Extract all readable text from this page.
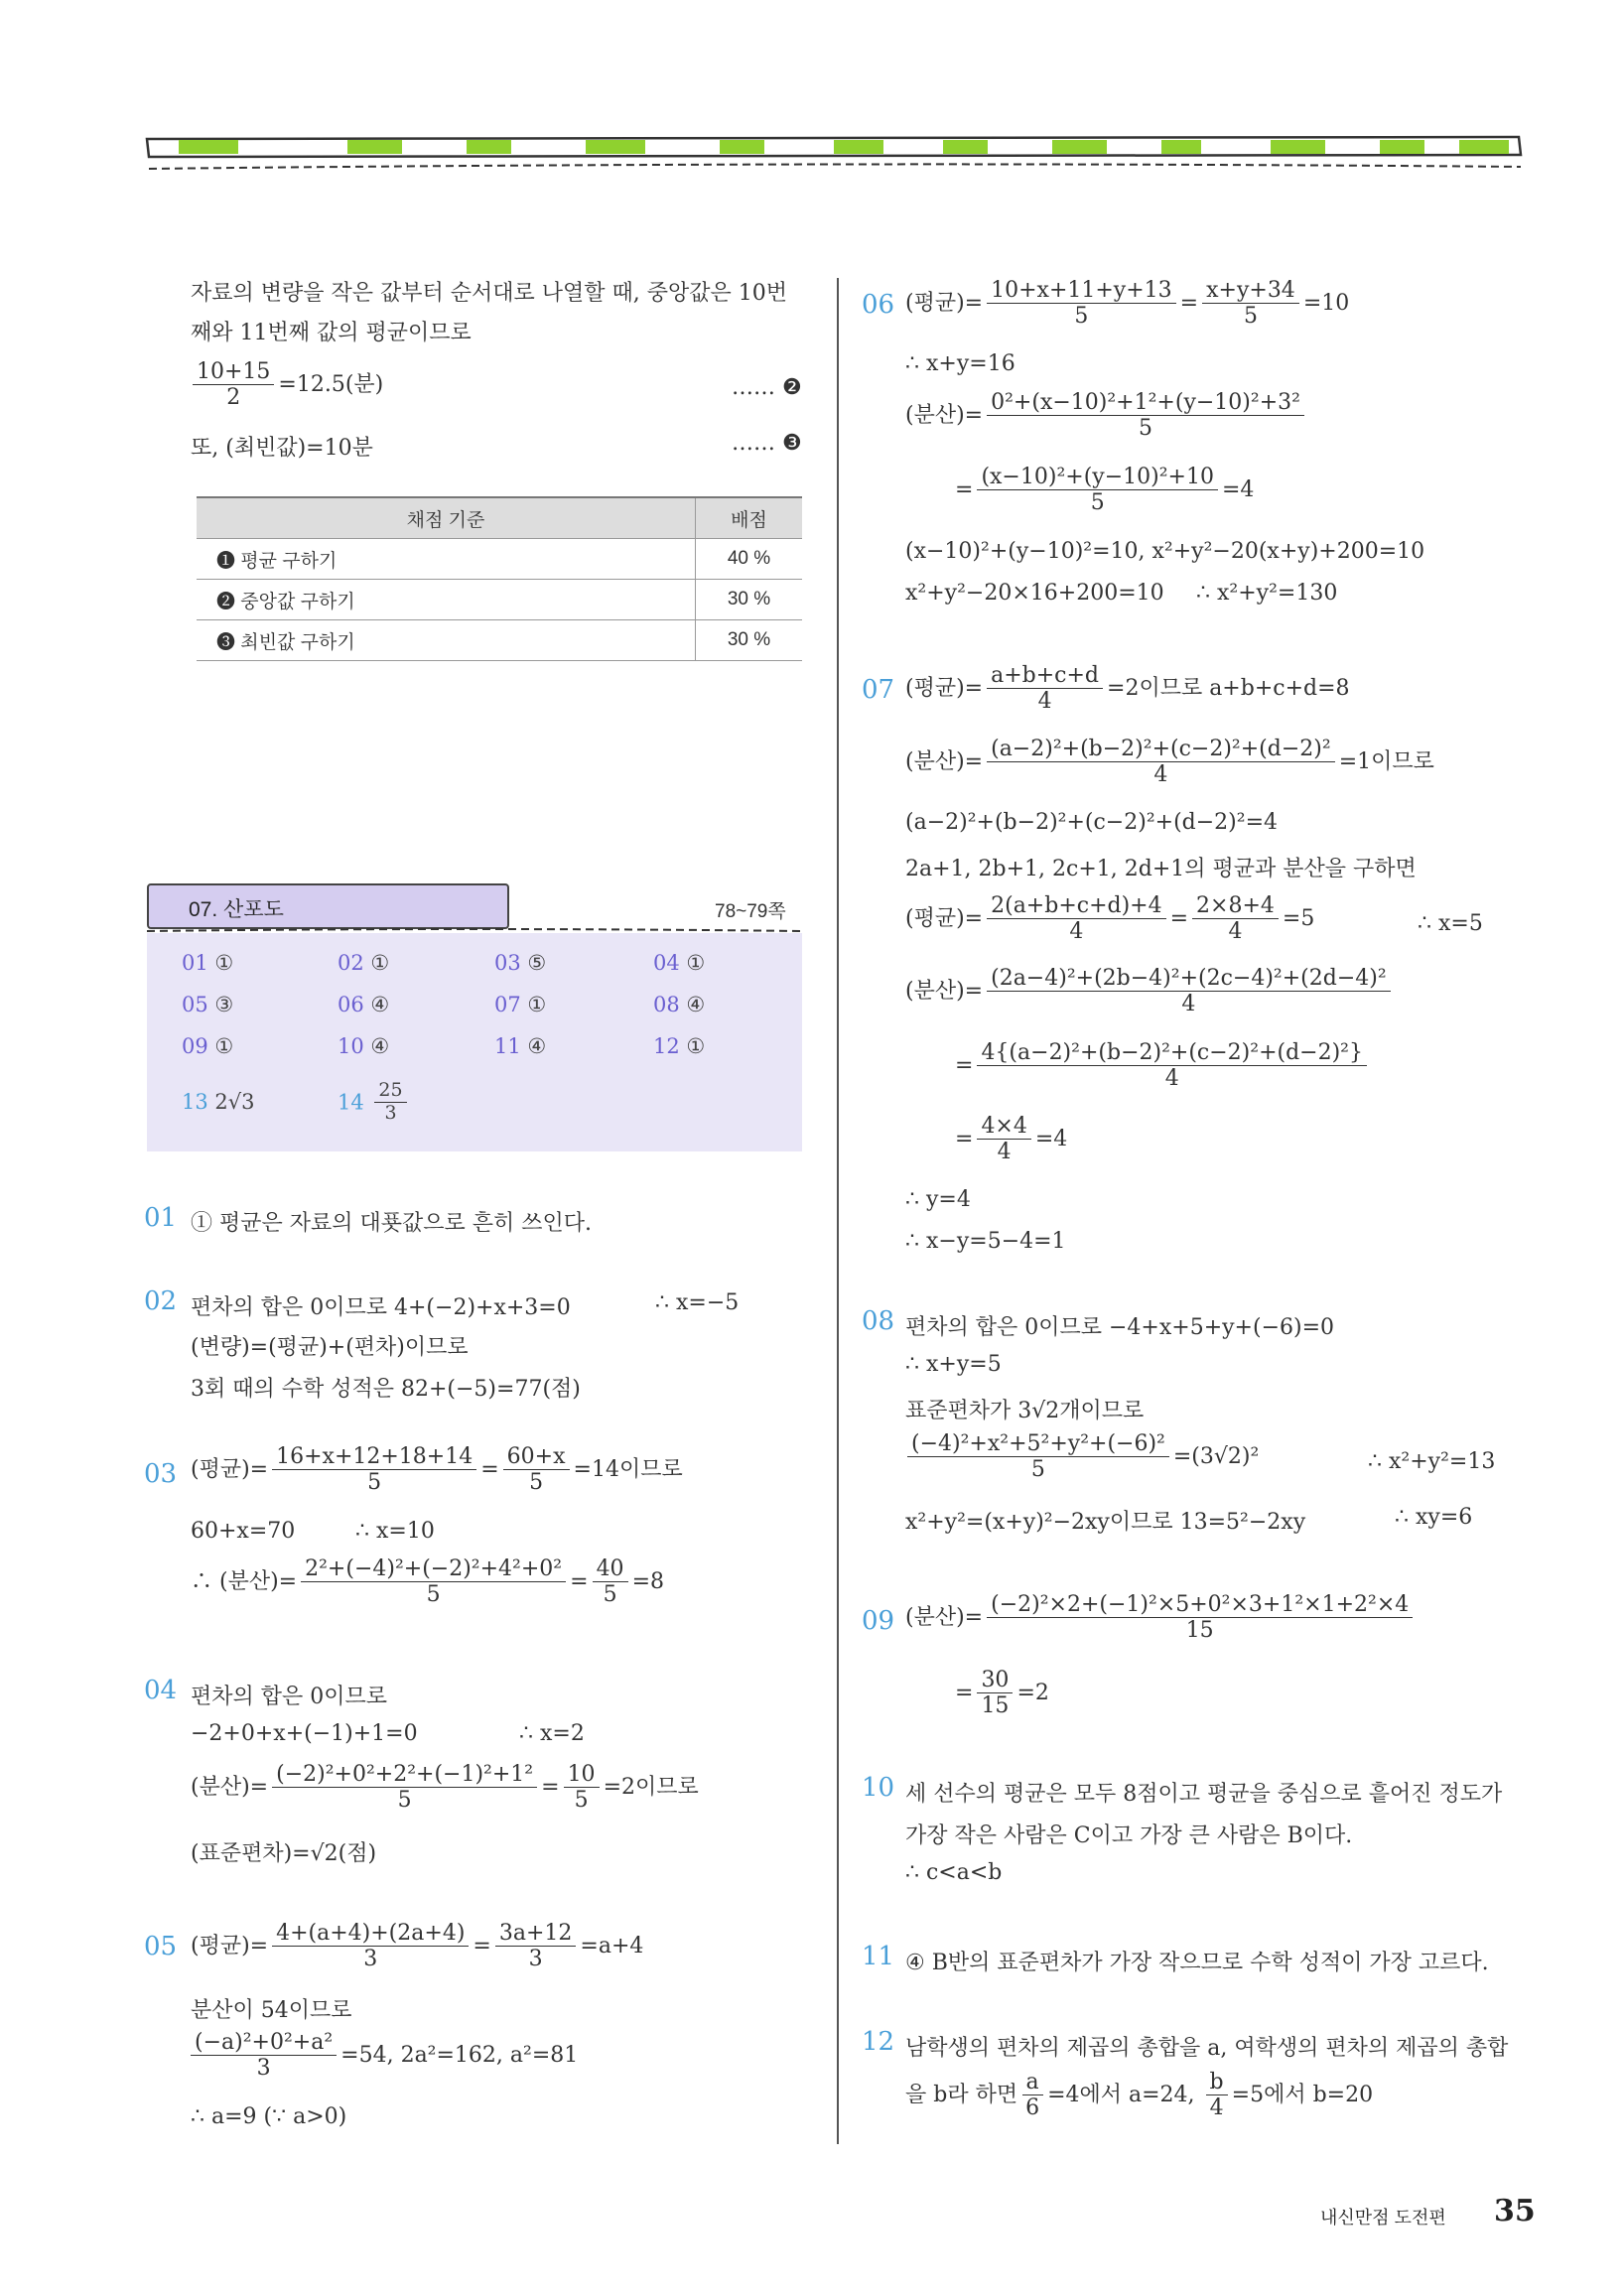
자료의 변량을 작은 값부터 순서대로 나열할 때, 중앙값은 10번
째와 11번째 값의 평균이므로
$\frac{10+15}{2} =12.5$(분)	…… ❷
또, (최빈값)=10분	…… ❸
채점 기준	배점
❶ 평균 구하기	40 %
❷ 중앙값 구하기	30 %
❸ 최빈값 구하기	30 %
07. 산포도	78~79쪽
01 ①	02 ①	03 ⑤	04 ①
05 ③	06 ④	07 ①	08 ④
09 ①	10 ④	11 ④	12 ①
13 2√3	$14 \frac{25}{3}$
01 ① 평균은 자료의 대푯값으로 흔히 쓰인다.
02 편차의 합은 0이므로 4+(−2)+x+3=0	∴ x=−5
(변량)=(평균)+(편차)이므로
3회 때의 수학 성적은 82+(−5)=77(점)
03 (평균)= $\frac{16+x+12+18+14}{5} = \frac{60+x}{5} =14$이므로
60+x=70	∴ x=10
∴ (분산)= $\frac{\text{2²+(−4)²+(−2)²+4²+0²}}{5} = \frac{40}{5} =8$
04 편차의 합은 0이므로
−2+0+x+(−1)+1=0	∴ x=2
(분산)= $\frac{\text{(−2)²+0²+2²+(−1)²+1²}}{5} = \frac{10}{5} =2$이므로
(표준편차)=√2(점)
05 (평균)= $\frac{4+(a+4)+(2a+4)}{3} = \frac{3a+12}{3} =a+4$
분산이 54이므로
$\frac{\text{(−a)²+0²+a²}}{3} =54$, 2a²=162, a²=81
∴ a=9 (∵ a>0)
06 (평균)= $\frac{10+x+11+y+13}{5} = \frac{x+y+34}{5} =10$
∴ x+y=16
(분산)= $\frac{\text{0²+(x−10)²+1²+(y−10)²+3²}}{5}$
= $\frac{\text{(x−10)²+(y−10)²+10}}{5} =4$
(x−10)²+(y−10)²=10, x²+y²−20(x+y)+200=10
x²+y²−20×16+200=10 ∴ x²+y²=130
07 (평균)= $\frac{a+b+c+d}{4} =2$이므로 a+b+c+d=8
(분산)= $\frac{\text{(a−2)²+(b−2)²+(c−2)²+(d−2)²}}{4} =1$이므로
(a−2)²+(b−2)²+(c−2)²+(d−2)²=4
2a+1, 2b+1, 2c+1, 2d+1의 평균과 분산을 구하면
(평균)= $\frac{2(a+b+c+d)+4}{4} = \frac{2\times 8+4}{4} =5$	∴ x=5
(분산)= $\frac{\text{(2a−4)²+(2b−4)²+(2c−4)²+(2d−4)²}}{4}$
= $\frac{\text{4\{(a−2)²+(b−2)²+(c−2)²+(d−2)²\}}}{4}$
= $\frac{4\times 4}{4} =4$
∴ y=4
∴ x−y=5−4=1
08 편차의 합은 0이므로 −4+x+5+y+(−6)=0
∴ x+y=5
표준편차가 3√2개이므로
$\frac{\text{(−4)²+x²+5²+y²+(−6)²}}{5} =(3√2)^2$	∴ x²+y²=13
x²+y²=(x+y)²−2xy이므로 13=5²−2xy	∴ xy=6
09 (분산)= $\frac{\text{(−2)²×2+(−1)²×5+0²×3+1²×1+2²×4}}{15}$
= $\frac{30}{15} =2$
10 세 선수의 평균은 모두 8점이고 평균을 중심으로 흩어진 정도가
가장 작은 사람은 C이고 가장 큰 사람은 B이다.
∴ c<a<b
11 ④ B반의 표준편차가 가장 작으므로 수학 성적이 가장 고르다.
12 남학생의 편차의 제곱의 총합을 a, 여학생의 편차의 제곱의 총합
을 b라 하면 $\frac{a}{6} =4$에서 a=24, $\frac{b}{4} =5$에서 b=20
내신만점 도전편 35
